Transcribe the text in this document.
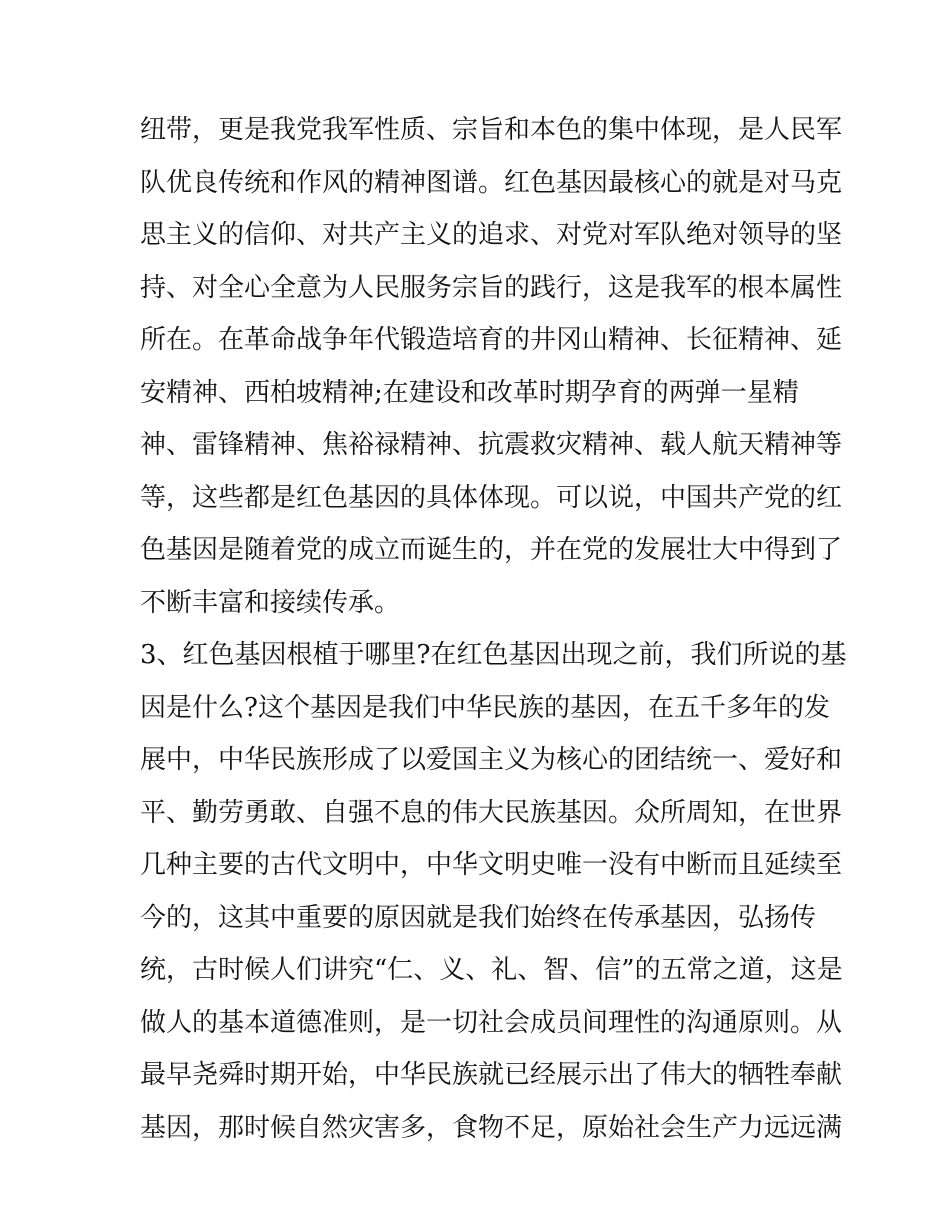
纽带，更是我党我军性质、宗旨和本色的集中体现，是人民军
队优良传统和作风的精神图谱。红色基因最核心的就是对马克
思主义的信仰、对共产主义的追求、对党对军队绝对领导的坚
持、对全心全意为人民服务宗旨的践行，这是我军的根本属性
所在。在革命战争年代锻造培育的井冈山精神、长征精神、延
安精神、西柏坡精神;在建设和改革时期孕育的两弹一星精
神、雷锋精神、焦裕禄精神、抗震救灾精神、载人航天精神等
等，这些都是红色基因的具体体现。可以说，中国共产党的红
色基因是随着党的成立而诞生的，并在党的发展壮大中得到了
不断丰富和接续传承。
3、红色基因根植于哪里?在红色基因出现之前，我们所说的基
因是什么?这个基因是我们中华民族的基因，在五千多年的发
展中，中华民族形成了以爱国主义为核心的团结统一、爱好和
平、勤劳勇敢、自强不息的伟大民族基因。众所周知，在世界
几种主要的古代文明中，中华文明史唯一没有中断而且延续至
今的，这其中重要的原因就是我们始终在传承基因，弘扬传
统，古时候人们讲究“仁、义、礼、智、信”的五常之道，这是
做人的基本道德准则，是一切社会成员间理性的沟通原则。从
最早尧舜时期开始，中华民族就已经展示出了伟大的牺牲奉献
基因，那时候自然灾害多，食物不足，原始社会生产力远远满
